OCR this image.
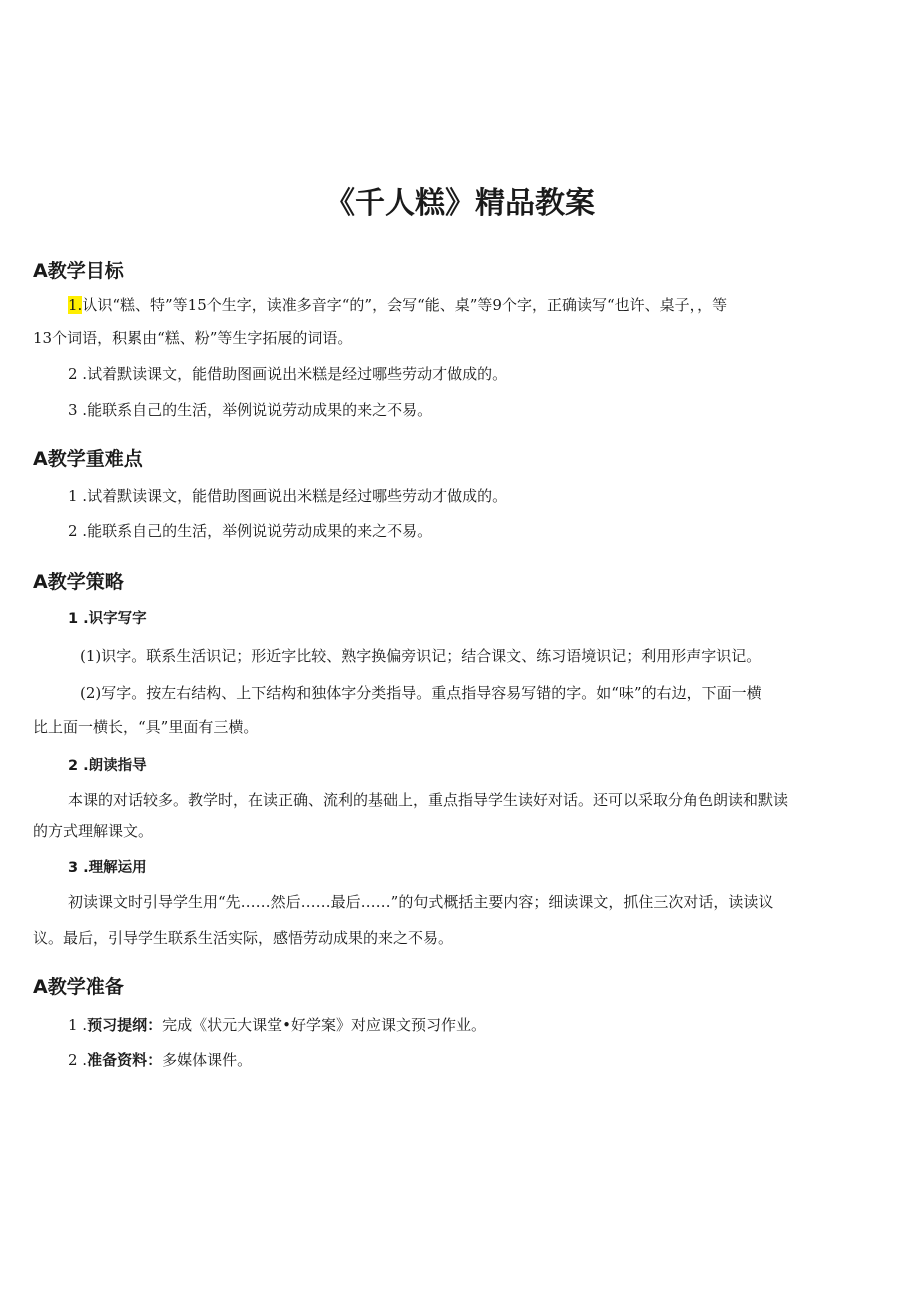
《千人糕》精品教案
A教学目标
1.认识“糕、特”等15个生字，读准多音字“的”，会写“能、桌”等9个字，正确读写“也许、桌子，，等
13个词语，积累由“糕、粉”等生字拓展的词语。
2 .试着默读课文，能借助图画说出米糕是经过哪些劳动才做成的。
3 .能联系自己的生活，举例说说劳动成果的来之不易。
A教学重难点
1 .试着默读课文，能借助图画说出米糕是经过哪些劳动才做成的。
2 .能联系自己的生活，举例说说劳动成果的来之不易。
A教学策略
1 .识字写字
(1)识字。联系生活识记；形近字比较、熟字换偏旁识记；结合课文、练习语境识记；利用形声字识记。
(2)写字。按左右结构、上下结构和独体字分类指导。重点指导容易写错的字。如“味”的右边，下面一横
比上面一横长，“具”里面有三横。
2 .朗读指导
本课的对话较多。教学时，在读正确、流利的基础上，重点指导学生读好对话。还可以采取分角色朗读和默读
的方式理解课文。
3 .理解运用
初读课文时引导学生用“先……然后……最后……”的句式概括主要内容；细读课文，抓住三次对话，读读议
议。最后，引导学生联系生活实际，感悟劳动成果的来之不易。
A教学准备
1 .预习提纲：完成《状元大课堂•好学案》对应课文预习作业。
2 .准备资料：多媒体课件。
